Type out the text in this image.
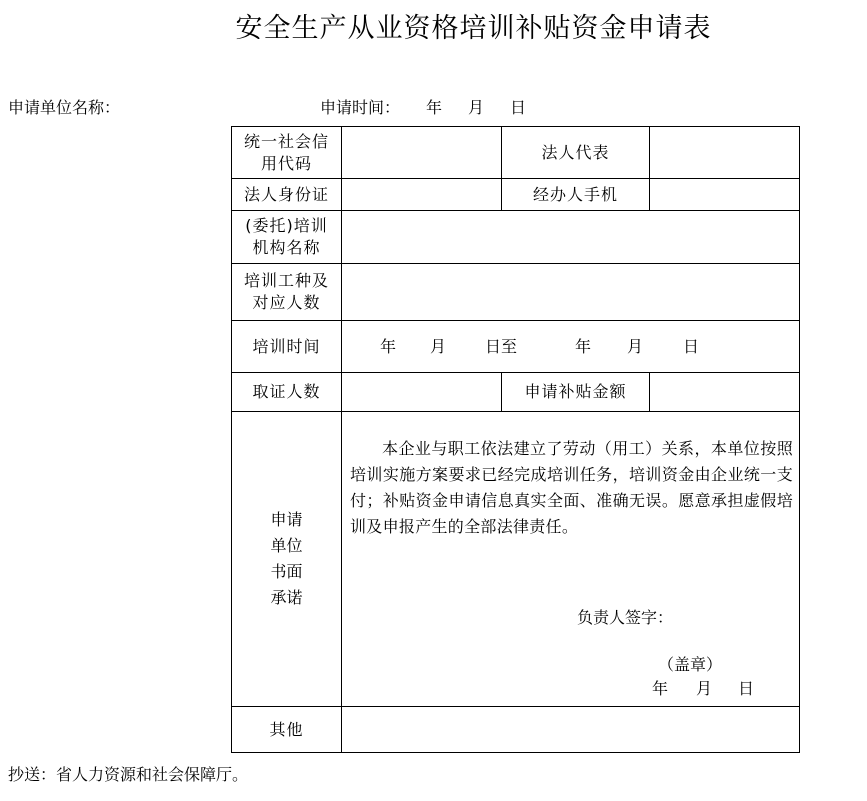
安全生产从业资格培训补贴资金申请表
申请单位名称：	申请时间： 年 月 日
统一社会信用代码		法人代表	
法人身份证		经办人手机	

(委托)培训机构名称			

培训工种及对应人数			

培训时间	年 月 日至 年 月 日		
取证人数		申请补贴金额	

申请单位书面承诺	本企业与职工依法建立了劳动（用工）关系，本单位按照培训实施方案要求已经完成培训任务，培训资金由企业统一支付；补贴资金申请信息真实全面、准确无误。愿意承担虚假培训及申报产生的全部法律责任。
负责人签字：
（盖章）
年 月 日		

其他			
抄送：省人力资源和社会保障厅。
